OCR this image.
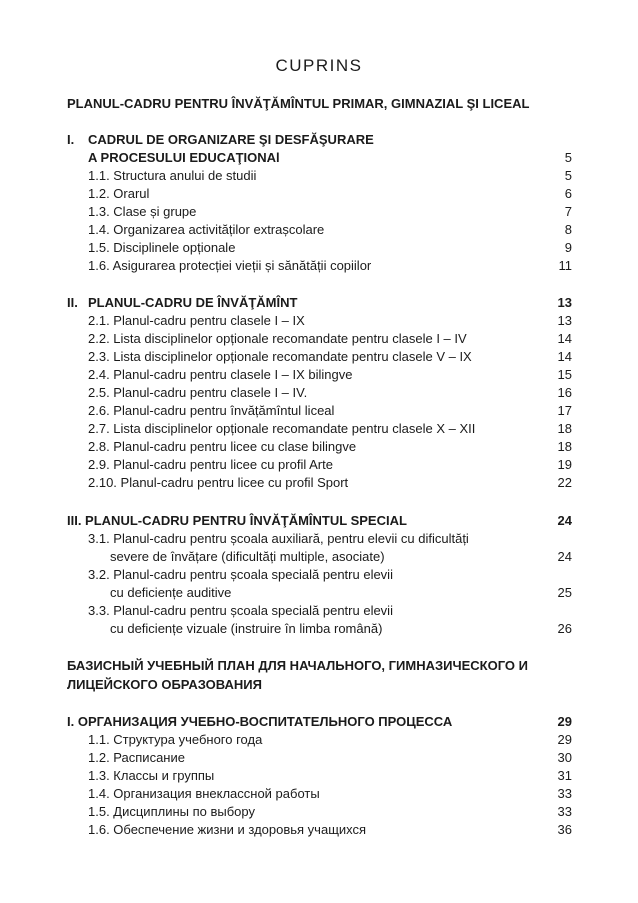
CUPRINS
PLANUL-CADRU PENTRU ÎNVĂŢĂMÎNTUL PRIMAR, GIMNAZIAL ŞI LICEAL
I. CADRUL DE ORGANIZARE ŞI DESFĂŞURARE
A PROCESULUI EDUCAŢIONAl	5
1.1. Structura anului de studii	5
1.2. Orarul	6
1.3. Clase și grupe	7
1.4. Organizarea activităților extrașcolare	8
1.5. Disciplinele opționale	9
1.6. Asigurarea protecției vieții și sănătății copiilor	11
II. PLANUL-CADRU DE ÎNVĂŢĂMÎNT	13
2.1. Planul-cadru pentru clasele I – IX	13
2.2. Lista disciplinelor opționale recomandate pentru clasele I – IV	14
2.3. Lista disciplinelor opționale recomandate pentru clasele V – IX	14
2.4. Planul-cadru pentru clasele I – IX bilingve	15
2.5. Planul-cadru pentru clasele I – IV.	16
2.6. Planul-cadru pentru învățămîntul liceal	17
2.7. Lista disciplinelor opționale recomandate pentru clasele X – XII	18
2.8. Planul-cadru pentru licee cu clase bilingve	18
2.9. Planul-cadru pentru licee cu profil Arte	19
2.10. Planul-cadru pentru licee cu profil Sport	22
III. PLANUL-CADRU PENTRU ÎNVĂŢĂMÎNTUL SPECIAL	24
3.1. Planul-cadru pentru școala auxiliară, pentru elevii cu dificultăți
severe de învățare (dificultăți multiple, asociate)	24
3.2. Planul-cadru pentru școala specială pentru elevii
cu deficiențe auditive	25
3.3. Planul-cadru pentru școala specială pentru elevii
cu deficiențe vizuale (instruire în limba română)	26
БАЗИСНЫЙ УЧЕБНЫЙ ПЛАН ДЛЯ НАЧАЛЬНОГО, ГИМНАЗИЧЕСКОГО И
ЛИЦЕЙСКОГО ОБРАЗОВАНИЯ
I. ОРГАНИЗАЦИЯ УЧЕБНО-ВОСПИТАТЕЛЬНОГО ПРОЦЕССА	29
1.1. Структура учебного года	29
1.2. Расписание	30
1.3. Классы и группы	31
1.4. Организация внеклассной работы	33
1.5. Дисциплины по выбору	33
1.6. Обеспечение жизни и здоровья учащихся	36
